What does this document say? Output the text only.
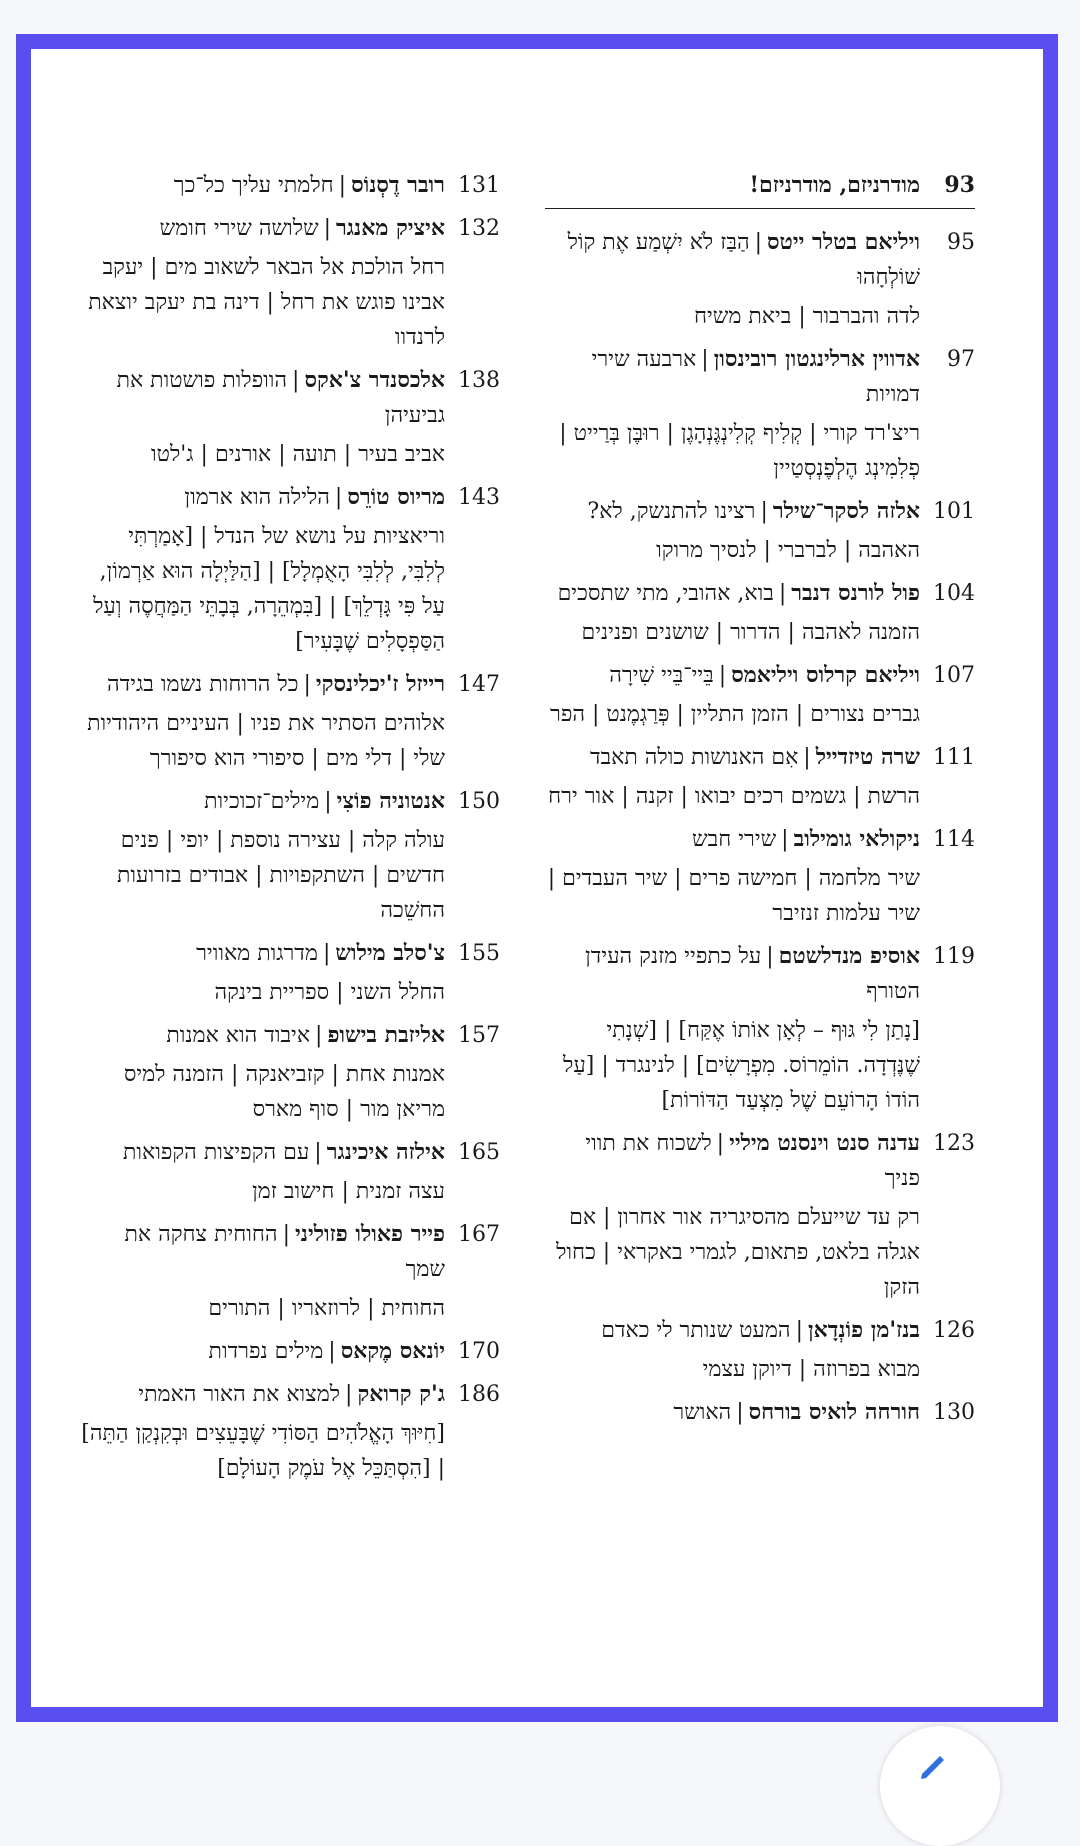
93
מודרניזם, מודרניזם!
95
ויליאם בטלר ייטס|הַבַּז לֹא יִשְׁמַע אֶת קוֹל שׁוֹלְחָהוּ
לדה והברבור | ביאת משיח
97
אדווין ארלינגטון רובינסון|ארבעה שירי דמויות
ריצ'רד קורי | קְלִיף קְלִינְגֶּנְהָגֶן | רוּבֶּן בְּרַייט | פְלִמִינְג הֶלְפֶנְסְטַיין
101
אלזה לסקר־שילר|רצינו להתנשק, לא?
האהבה | לברברי | לנסיך מרוקו
104
פול לורנס דנבר|בוא, אהובי, מתי שתסכים
הזמנה לאהבה | הדרור | שושנים ופנינים
107
ויליאם קרלוס ויליאמס|בֵּיי־בֵּיי שִׁירָה
גברים נצורים | הזמן התליין | פְּרַגְמֶנט | הפר
111
שרה טיזדייל|אִם האנושות כולה תאבד
הרשת | גשמים רכים יבואו | זקנה | אור ירח
114
ניקולאי גומילוב|שירי חבש
שיר מלחמה | חמישה פרים | שיר העבדים | שיר עלמות זנזיבר
119
אוסיפ מנדלשטם|על כתפיי מזנק העידן הטורף
[נָתַן לִי גּוּף – לְאָן אוֹתוֹ אֶקַּח] | [שְׁנָתִי שֶׁנֶּדְדָה. הוֹמֵרוֹס. מִפְרָשִׂים] | לנינגרד | [עַל הוֹדוֹ הָרוֹעֵם שֶׁל מִצְעַד הַדּוֹרוֹת]
123
עדנה סנט וינסנט מיליי|לשכוח את תווי פניך
רק עד שייעלם מהסיגריה אור אחרון | אם אגלה בלאט, פתאום, לגמרי באקראי | כחול הזקן
126
בנז'מן פוֹנְדָאן|המעט שנותר לי כאדם
מבוא בפרוזה | דיוקן עצמי
130
חורחה לואיס בורחס|האושר
131
רובר דֶסְנוֹס|חלמתי עליך כל־כך
132
איציק מאנגר|שלושה שירי חומש
רחל הולכת אל הבאר לשאוב מים | יעקב אבינו פוגש את רחל | דינה בת יעקב יוצאת לרנדוו
138
אלכסנדר צ'אקס|הוופלות פושטות את גביעיהן
אביב בעיר | תועה | אורנים | ג'לטו
143
מריוס טוֹרֵס|הלילה הוא ארמון
וריאציות על נושא של הנדל | [אָמַרְתִּי לְלִבִּי, לְלִבִּי הָאֻמְלָל] | [הַלַּיְלָה הוּא אַרְמוֹן, עַל פִּי גָּדְלֵךְ] | [בִּמְהֵרָה, בְּבָתֵּי הַמַּחֲסֶה וְעַל הַסַּפְסָלִים שֶׁבָּעִיר]
147
רייזל ז'יכלינסקי|כל הרוחות נשמו בגידה
אלוהים הסתיר את פניו | העיניים היהודיות שלי | דלי מים | סיפורי הוא סיפורך
150
אנטוניה פוֹצִי|מילים־זכוכיות
עולה קלה | עצירה נוספת | יופי | פנים חדשים | השתקפויות | אבודים בזרועות החשֵׁכה
155
צ'סלב מילוש|מדרגות מאוויר
החלל השני | ספריית בינקה
157
אליזבת בישופ|איבוד הוא אמנות
אמנות אחת | קזביאנקה | הזמנה למיס מריאן מור | סוף מארס
165
אילזה איכינגר|עם הקפיצות הקפואות
עצה זמנית | חישוב זמן
167
פייר פאולו פזוליני|החוחית צחקה את שמך
החוחית | לרוזאריו | התורים
170
יוֹנאס מֶקאס|מילים נפרדות
186
ג'ק קרואק|למצוא את האור האמתי
[חִיּוּךְ הָאֱלֹהִים הַסּוֹדִי שֶׁבָּעֵצִים וּבְקִנְקַן הַתֵּה] | [הִסְתַּכֵּל אֶל עֹמֶק הָעוֹלָם]
